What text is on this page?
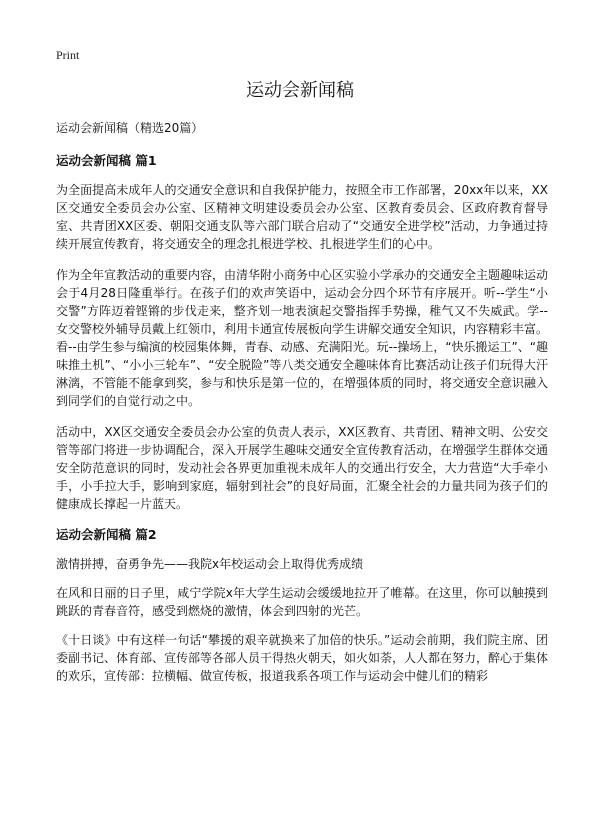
Print
运动会新闻稿

运动会新闻稿（精选20篇）

运动会新闻稿 篇1

为全面提高未成年人的交通安全意识和自我保护能力，按照全市工作部署，20xx年以来，XX区交通安全委员会办公室、区精神文明建设委员会办公室、区教育委员会、区政府教育督导室、共青团XX区委、朝阳交通支队等六部门联合启动了“交通安全进学校”活动，力争通过持续开展宣传教育，将交通安全的理念扎根进学校、扎根进学生们的心中。

作为全年宣教活动的重要内容，由清华附小商务中心区实验小学承办的交通安全主题趣味运动会于4月28日隆重举行。在孩子们的欢声笑语中，运动会分四个环节有序展开。听--学生“小交警”方阵迈着铿锵的步伐走来，整齐划一地表演起交警指挥手势操，稚气又不失威武。学--女交警校外辅导员戴上红领巾，利用卡通宣传展板向学生讲解交通安全知识，内容精彩丰富。看--由学生参与编演的校园集体舞，青春、动感、充满阳光。玩--操场上，“快乐搬运工”、“趣味推土机”、“小小三轮车”、“安全脱险”等八类交通安全趣味体育比赛活动让孩子们玩得大汗淋漓，不管能不能拿到奖，参与和快乐是第一位的，在增强体质的同时，将交通安全意识融入到同学们的自觉行动之中。

活动中，XX区交通安全委员会办公室的负责人表示，XX区教育、共青团、精神文明、公安交管等部门将进一步协调配合，深入开展学生趣味交通安全宣传教育活动，在增强学生群体交通安全防范意识的同时，发动社会各界更加重视未成年人的交通出行安全，大力营造“大手牵小手，小手拉大手，影响到家庭，辐射到社会”的良好局面，汇聚全社会的力量共同为孩子们的健康成长撑起一片蓝天。

运动会新闻稿 篇2

激情拼搏，奋勇争先——我院x年校运动会上取得优秀成绩

在风和日丽的日子里，咸宁学院x年大学生运动会缓缓地拉开了帷幕。在这里，你可以触摸到跳跃的青春音符，感受到燃烧的激情，体会到四射的光芒。

《十日谈》中有这样一句话“攀援的艰辛就换来了加倍的快乐。”运动会前期，我们院主席、团委副书记、体育部、宣传部等各部人员干得热火朝天，如火如荼，人人都在努力，醉心于集体的欢乐，宣传部：拉横幅、做宣传板，报道我系各项工作与运动会中健儿们的精彩
